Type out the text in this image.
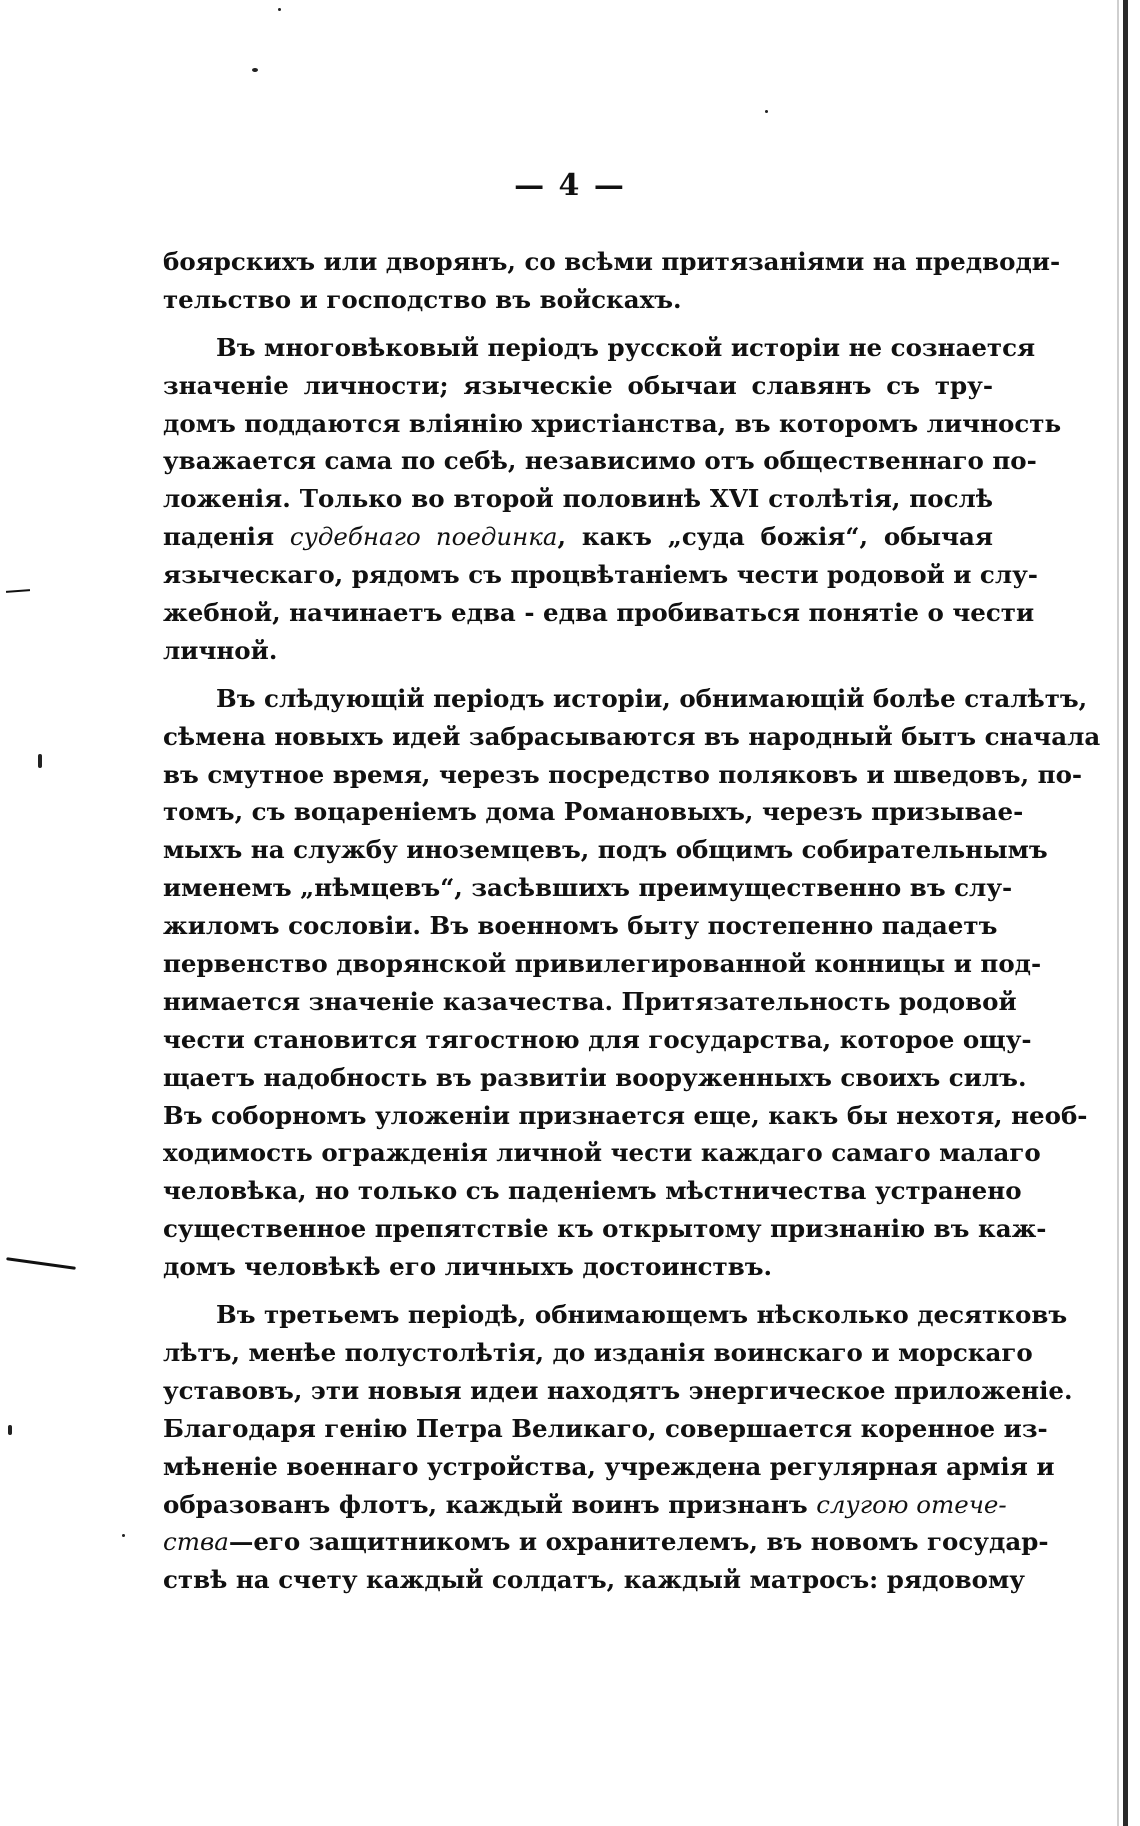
— 4 —
боярскихъ или дворянъ, со всѣми притязаніями на предводи-
тельство и господство въ войскахъ.
Въ многовѣковый періодъ русской исторіи не сознается
значеніе личности; языческіе обычаи славянъ съ тру-
домъ поддаются вліянію христіанства, въ которомъ личность
уважается сама по себѣ, независимо отъ общественнаго по-
ложенія. Только во второй половинѣ XVI столѣтія, послѣ
паденія судебнаго поединка, какъ „суда божія“, обычая
языческаго, рядомъ съ процвѣтаніемъ чести родовой и слу-
жебной, начинаетъ едва - едва пробиваться понятіе о чести
личной.
Въ слѣдующій періодъ исторіи, обнимающій болѣе сталѣтъ,
сѣмена новыхъ идей забрасываются въ народный бытъ сначала
въ смутное время, черезъ посредство поляковъ и шведовъ, по-
томъ, съ воцареніемъ дома Романовыхъ, черезъ призывае-
мыхъ на службу иноземцевъ, подъ общимъ собирательнымъ
именемъ „нѣмцевъ“, засѣвшихъ преимущественно въ слу-
жиломъ сословіи. Въ военномъ быту постепенно падаетъ
первенство дворянской привилегированной конницы и под-
нимается значеніе казачества. Притязательность родовой
чести становится тягостною для государства, которое ощу-
щаетъ надобность въ развитіи вооруженныхъ своихъ силъ.
Въ соборномъ уложеніи признается еще, какъ бы нехотя, необ-
ходимость огражденія личной чести каждаго самаго малаго
человѣка, но только съ паденіемъ мѣстничества устранено
существенное препятствіе къ открытому признанію въ каж-
домъ человѣкѣ его личныхъ достоинствъ.
Въ третьемъ періодѣ, обнимающемъ нѣсколько десятковъ
лѣтъ, менѣе полустолѣтія, до изданія воинскаго и морскаго
уставовъ, эти новыя идеи находятъ энергическое приложеніе.
Благодаря генію Петра Великаго, совершается коренное из-
мѣненіе военнаго устройства, учреждена регулярная армія и
образованъ флотъ, каждый воинъ признанъ слугою отече-
ства—его защитникомъ и охранителемъ, въ новомъ государ-
ствѣ на счету каждый солдатъ, каждый матросъ: рядовому
